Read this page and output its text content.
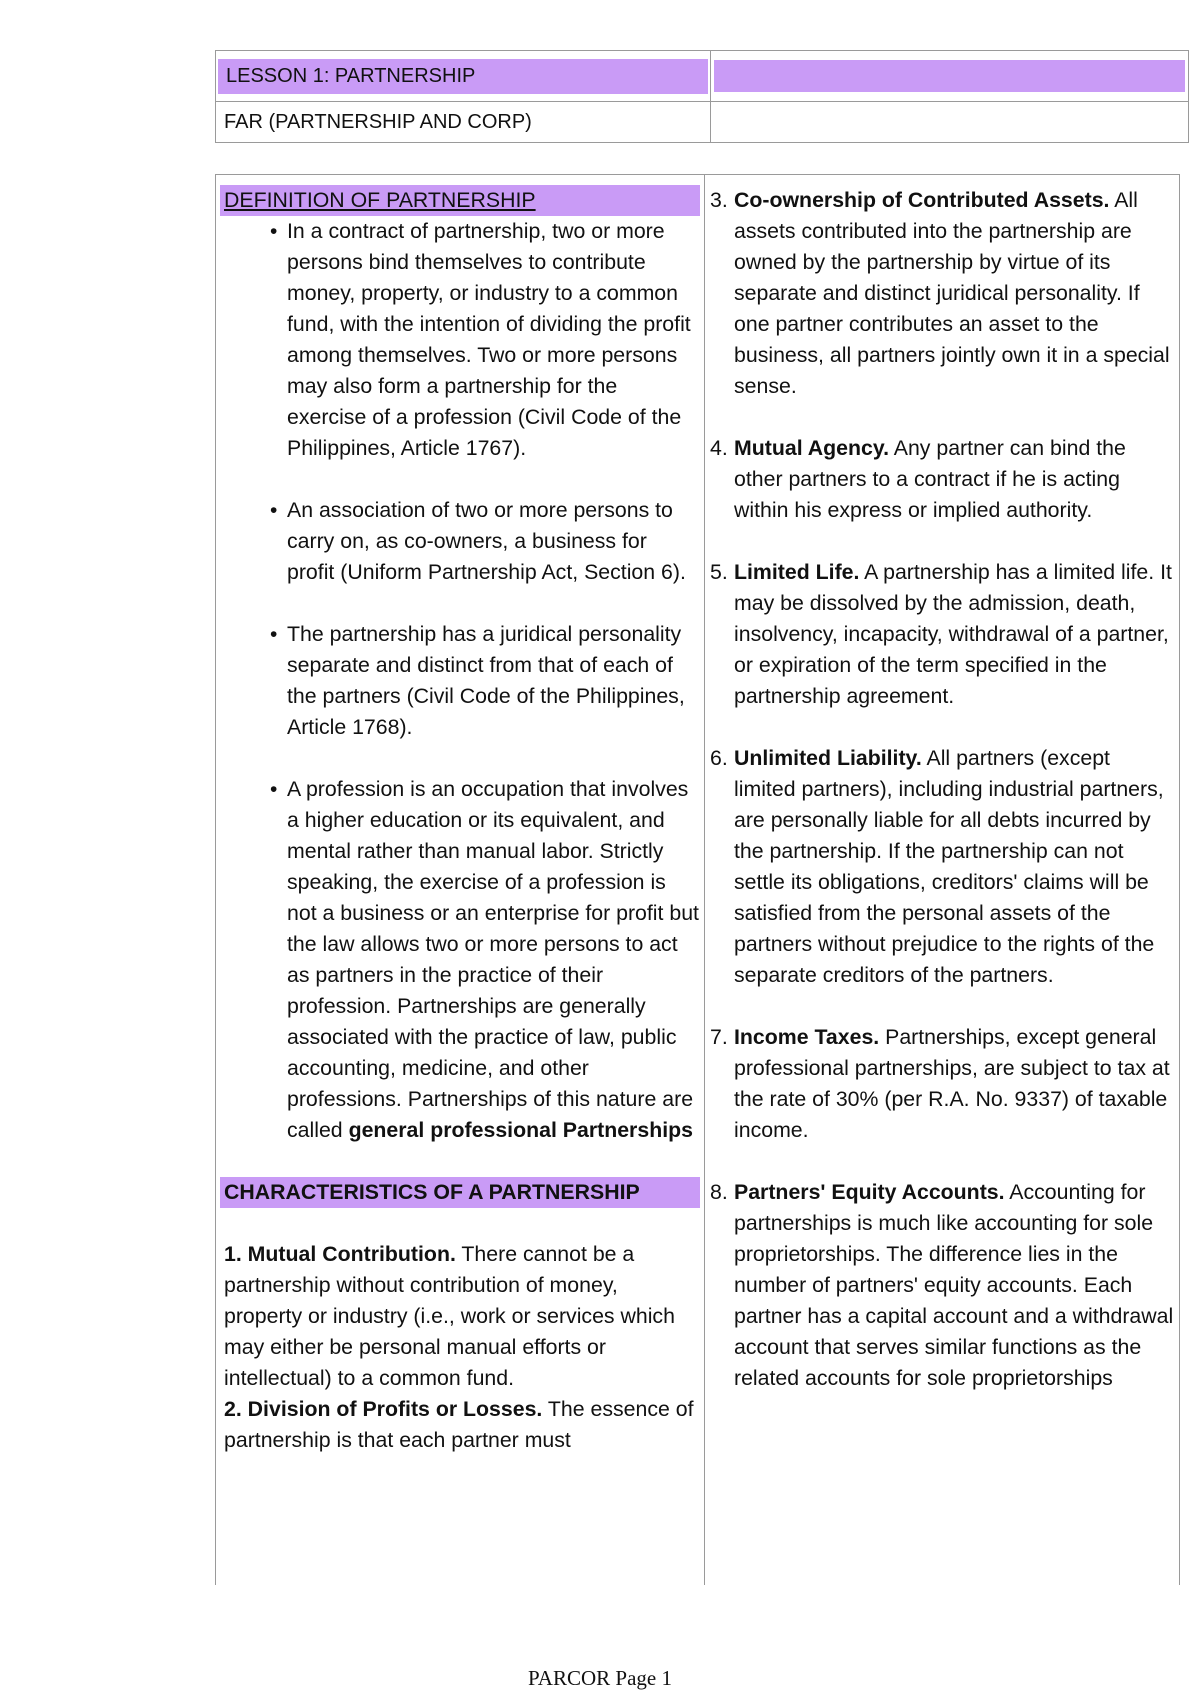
LESSON 1: PARTNERSHIP	

FAR (PARTNERSHIP AND CORP)	
DEFINITION OF PARTNERSHIP
• In a contract of partnership, two or more persons bind themselves to contribute money, property, or industry to a common fund, with the intention of dividing the profit among themselves. Two or more persons may also form a partnership for the exercise of a profession (Civil Code of the Philippines, Article 1767).
• An association of two or more persons to carry on, as co-owners, a business for profit (Uniform Partnership Act, Section 6).
• The partnership has a juridical personality separate and distinct from that of each of the partners (Civil Code of the Philippines, Article 1768).
• A profession is an occupation that involves a higher education or its equivalent, and mental rather than manual labor. Strictly speaking, the exercise of a profession is not a business or an enterprise for profit but the law allows two or more persons to act as partners in the practice of their profession. Partnerships are generally associated with the practice of law, public accounting, medicine, and other professions. Partnerships of this nature are called general professional Partnerships
CHARACTERISTICS OF A PARTNERSHIP

1. Mutual Contribution. There cannot be a partnership without contribution of money, property or industry (i.e., work or services which may either be personal manual efforts or intellectual) to a common fund.

2. Division of Profits or Losses. The essence of partnership is that each partner must

3. Co-ownership of Contributed Assets. All assets contributed into the partnership are owned by the partnership by virtue of its separate and distinct juridical personality. If one partner contributes an asset to the business, all partners jointly own it in a special sense.
4. Mutual Agency. Any partner can bind the other partners to a contract if he is acting within his express or implied authority.
5. Limited Life. A partnership has a limited life. It may be dissolved by the admission, death, insolvency, incapacity, withdrawal of a partner, or expiration of the term specified in the partnership agreement.
6. Unlimited Liability. All partners (except limited partners), including industrial partners, are personally liable for all debts incurred by the partnership. If the partnership can not settle its obligations, creditors' claims will be satisfied from the personal assets of the partners without prejudice to the rights of the separate creditors of the partners.
7. Income Taxes. Partnerships, except general professional partnerships, are subject to tax at the rate of 30% (per R.A. No. 9337) of taxable income.
8. Partners' Equity Accounts. Accounting for partnerships is much like accounting for sole proprietorships. The difference lies in the number of partners' equity accounts. Each partner has a capital account and a withdrawal account that serves similar functions as the related accounts for sole proprietorships
PARCOR Page 1
